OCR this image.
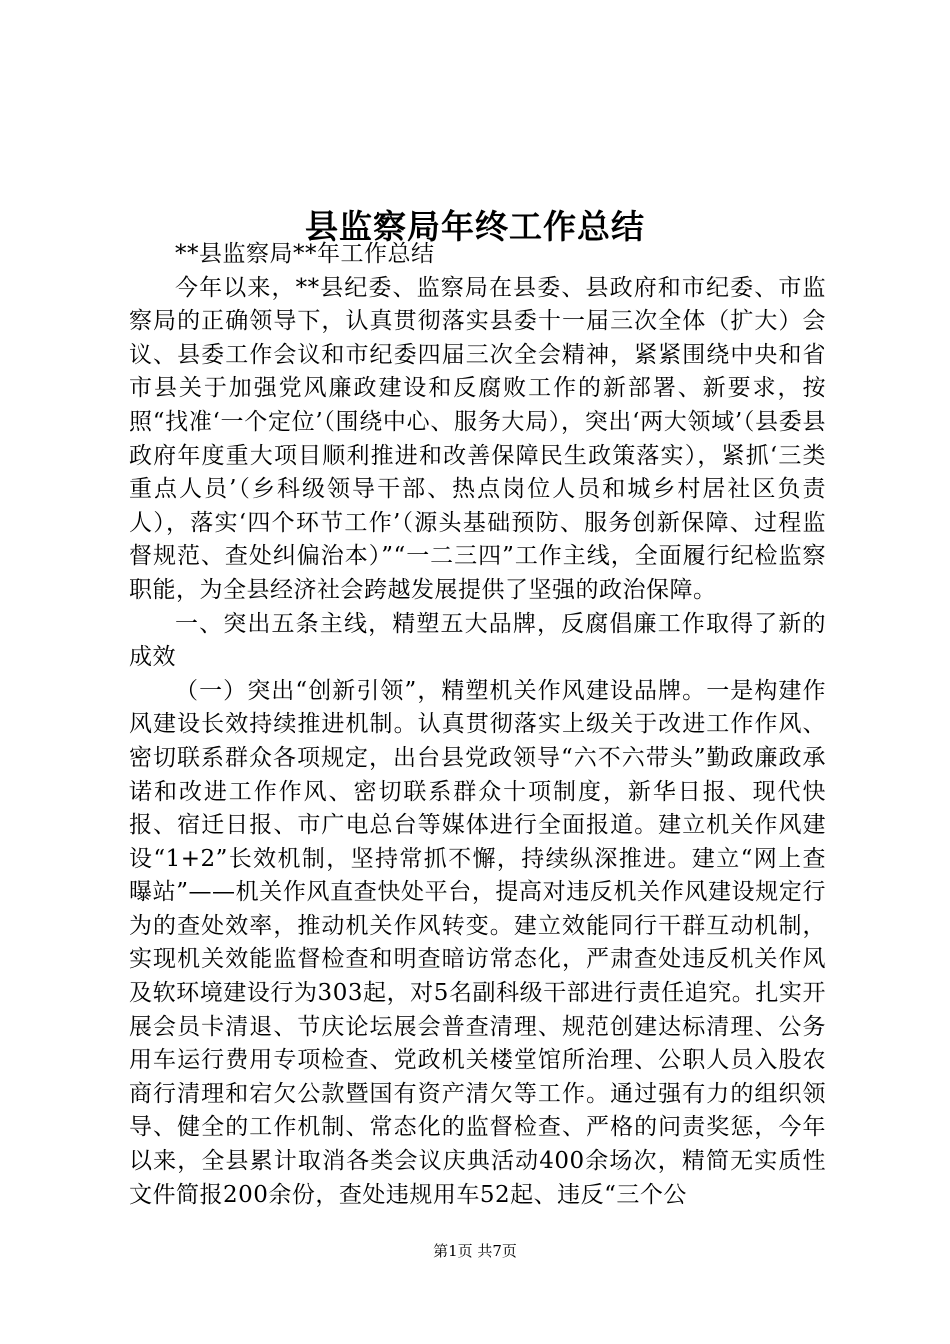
县监察局年终工作总结

**县监察局**年工作总结

今年以来，**县纪委、监察局在县委、县政府和市纪委、市监察局的正确领导下，认真贯彻落实县委十一届三次全体（扩大）会议、县委工作会议和市纪委四届三次全会精神，紧紧围绕中央和省市县关于加强党风廉政建设和反腐败工作的新部署、新要求，按照“找准‘一个定位’（围绕中心、服务大局），突出‘两大领域’（县委县政府年度重大项目顺利推进和改善保障民生政策落实），紧抓‘三类重点人员’（乡科级领导干部、热点岗位人员和城乡村居社区负责人），落实‘四个环节工作’（源头基础预防、服务创新保障、过程监督规范、查处纠偏治本）”“一二三四”工作主线，全面履行纪检监察职能，为全县经济社会跨越发展提供了坚强的政治保障。

一、突出五条主线，精塑五大品牌，反腐倡廉工作取得了新的成效

（一）突出“创新引领”，精塑机关作风建设品牌。一是构建作风建设长效持续推进机制。认真贯彻落实上级关于改进工作作风、密切联系群众各项规定，出台县党政领导“六不六带头”勤政廉政承诺和改进工作作风、密切联系群众十项制度，新华日报、现代快报、宿迁日报、市广电总台等媒体进行全面报道。建立机关作风建设“1+2”长效机制，坚持常抓不懈，持续纵深推进。建立“网上查曝站”——机关作风直查快处平台，提高对违反机关作风建设规定行为的查处效率，推动机关作风转变。建立效能同行干群互动机制，实现机关效能监督检查和明查暗访常态化，严肃查处违反机关作风及软环境建设行为303起，对5名副科级干部进行责任追究。扎实开展会员卡清退、节庆论坛展会普查清理、规范创建达标清理、公务用车运行费用专项检查、党政机关楼堂馆所治理、公职人员入股农商行清理和宕欠公款暨国有资产清欠等工作。通过强有力的组织领导、健全的工作机制、常态化的监督检查、严格的问责奖惩，今年以来，全县累计取消各类会议庆典活动400余场次，精简无实质性文件简报200余份，查处违规用车52起、违反“三个公

第1页 共7页
